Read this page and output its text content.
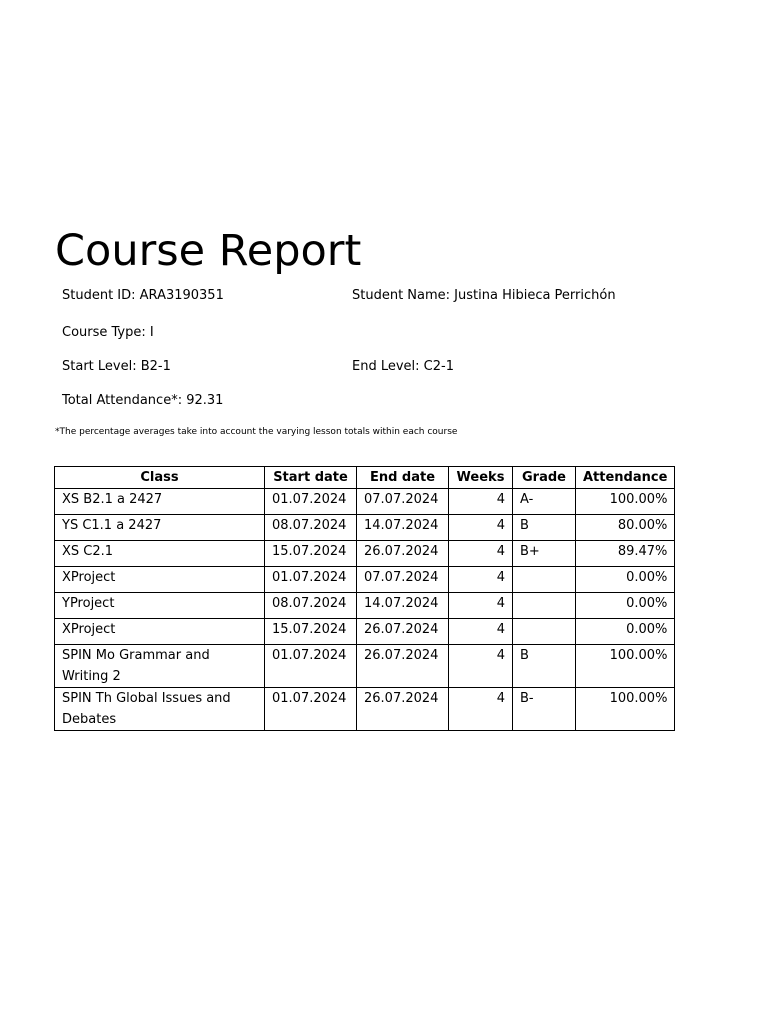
Course Report
Student ID: ARA3190351	Student Name: Justina Hibieca Perrichón
Course Type: I
Start Level: B2-1	End Level: C2-1
Total Attendance*: 92.31
*The percentage averages take into account the varying lesson totals within each course
Class	Start date	End date	Weeks	Grade	Attendance
XS B2.1 a 2427	01.07.2024	07.07.2024	4	A-	100.00%
YS C1.1 a 2427	08.07.2024	14.07.2024	4	B	80.00%
XS C2.1	15.07.2024	26.07.2024	4	B+	89.47%
XProject	01.07.2024	07.07.2024	4		0.00%
YProject	08.07.2024	14.07.2024	4		0.00%
XProject	15.07.2024	26.07.2024	4		0.00%
SPIN Mo Grammar and Writing 2	01.07.2024	26.07.2024	4	B	100.00%
SPIN Th Global Issues and Debates	01.07.2024	26.07.2024	4	B-	100.00%
